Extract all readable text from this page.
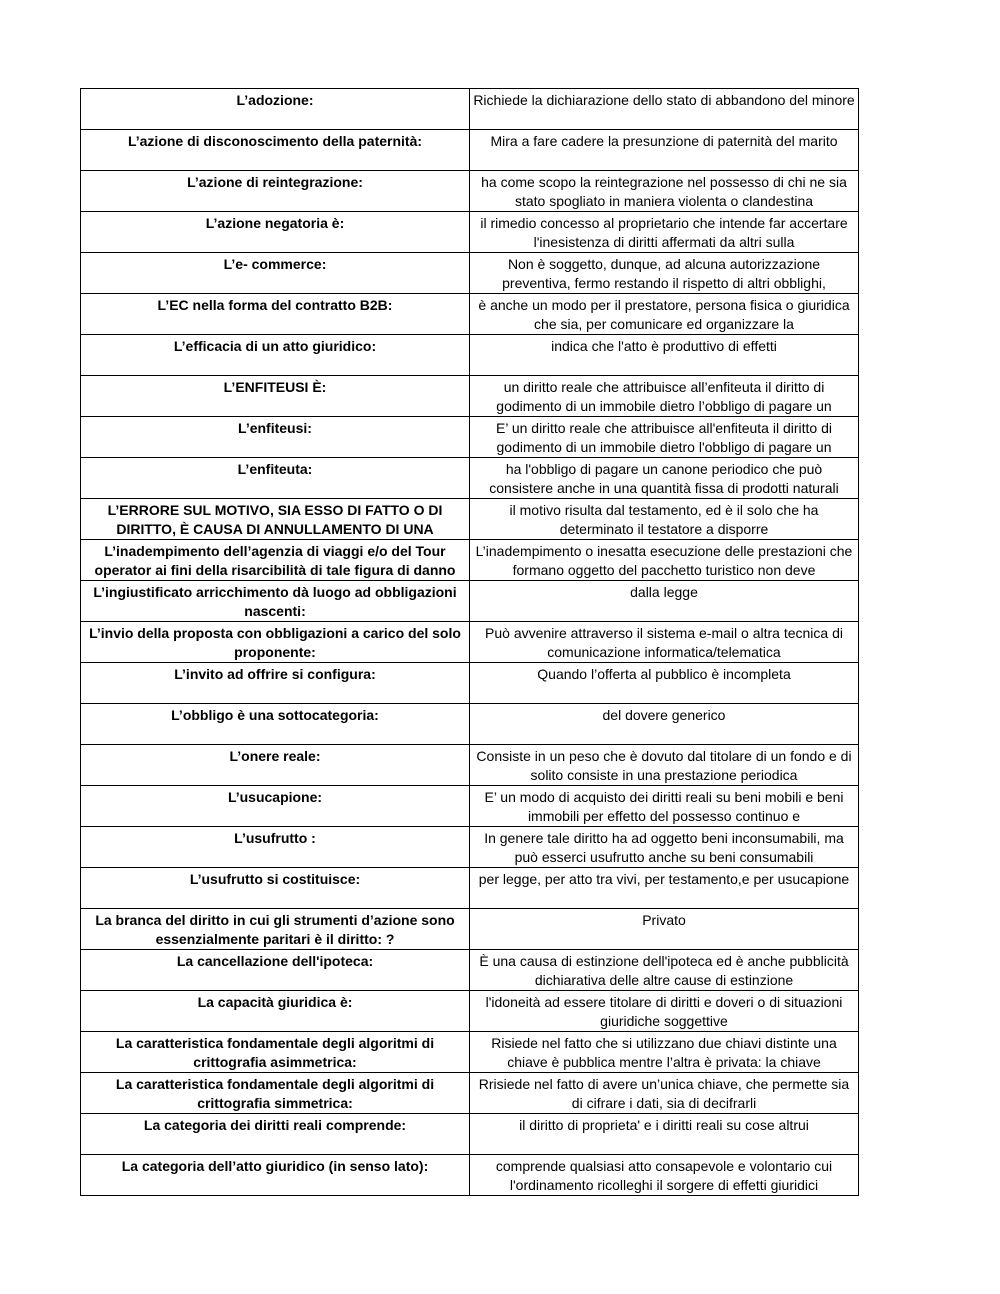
L’adozione:	Richiede la dichiarazione dello stato di abbandono del minore

L’azione di disconoscimento della paternità:	Mira a fare cadere la presunzione di paternità del marito

L’azione di reintegrazione:	ha come scopo la reintegrazione nel possesso di chi ne sia stato spogliato in maniera violenta o clandestina

L’azione negatoria è:	il rimedio concesso al proprietario che intende far accertare l'inesistenza di diritti affermati da altri sulla

L’e- commerce:	Non è soggetto, dunque, ad alcuna autorizzazione preventiva, fermo restando il rispetto di altri obblighi,

L’EC nella forma del contratto B2B:	è anche un modo per il prestatore, persona fisica o giuridica che sia, per comunicare ed organizzare la

L’efficacia di un atto giuridico:	indica che l'atto è produttivo di effetti

L’ENFITEUSI È:	un diritto reale che attribuisce all’enfiteuta il diritto di godimento di un immobile dietro l’obbligo di pagare un

L’enfiteusi:	E’ un diritto reale che attribuisce all'enfiteuta il diritto di godimento di un immobile dietro l'obbligo di pagare un

L’enfiteuta:	ha l'obbligo di pagare un canone periodico che può consistere anche in una quantità fissa di prodotti naturali

L’ERRORE SUL MOTIVO, SIA ESSO DI FATTO O DI DIRITTO, È CAUSA DI ANNULLAMENTO DI UNA	il motivo risulta dal testamento, ed è il solo che ha determinato il testatore a disporre

L’inadempimento dell’agenzia di viaggi e/o del Tour operator ai fini della risarcibilità di tale figura di danno	L’inadempimento o inesatta esecuzione delle prestazioni che formano oggetto del pacchetto turistico non deve

L’ingiustificato arricchimento dà luogo ad obbligazioni nascenti:	dalla legge

L’invio della proposta con obbligazioni a carico del solo proponente:	Può avvenire attraverso il sistema e-mail o altra tecnica di comunicazione informatica/telematica

L’invito ad offrire si configura:	Quando l’offerta al pubblico è incompleta

L’obbligo è una sottocategoria:	del dovere generico

L’onere reale:	Consiste in un peso che è dovuto dal titolare di un fondo e di solito consiste in una prestazione periodica

L’usucapione:	E’ un modo di acquisto dei diritti reali su beni mobili e beni immobili per effetto del possesso continuo e

L’usufrutto :	In genere tale diritto ha ad oggetto beni inconsumabili, ma può esserci usufrutto anche su beni consumabili

L’usufrutto si costituisce:	per legge, per atto tra vivi, per testamento,e per usucapione

La branca del diritto in cui gli strumenti d’azione sono essenzialmente paritari è il diritto: ?	Privato

La cancellazione dell'ipoteca:	È una causa di estinzione dell'ipoteca ed è anche pubblicità dichiarativa delle altre cause di estinzione

La capacità giuridica è:	l'idoneità ad essere titolare di diritti e doveri o di situazioni giuridiche soggettive

La caratteristica fondamentale degli algoritmi di crittografia asimmetrica:	Risiede nel fatto che si utilizzano due chiavi distinte una chiave è pubblica mentre l’altra è privata: la chiave

La caratteristica fondamentale degli algoritmi di crittografia simmetrica:	Rrisiede nel fatto di avere un’unica chiave, che permette sia di cifrare i dati, sia di decifrarli

La categoria dei diritti reali comprende:	il diritto di proprieta' e i diritti reali su cose altrui

La categoria dell’atto giuridico (in senso lato):	comprende qualsiasi atto consapevole e volontario cui l'ordinamento ricolleghi il sorgere di effetti giuridici
